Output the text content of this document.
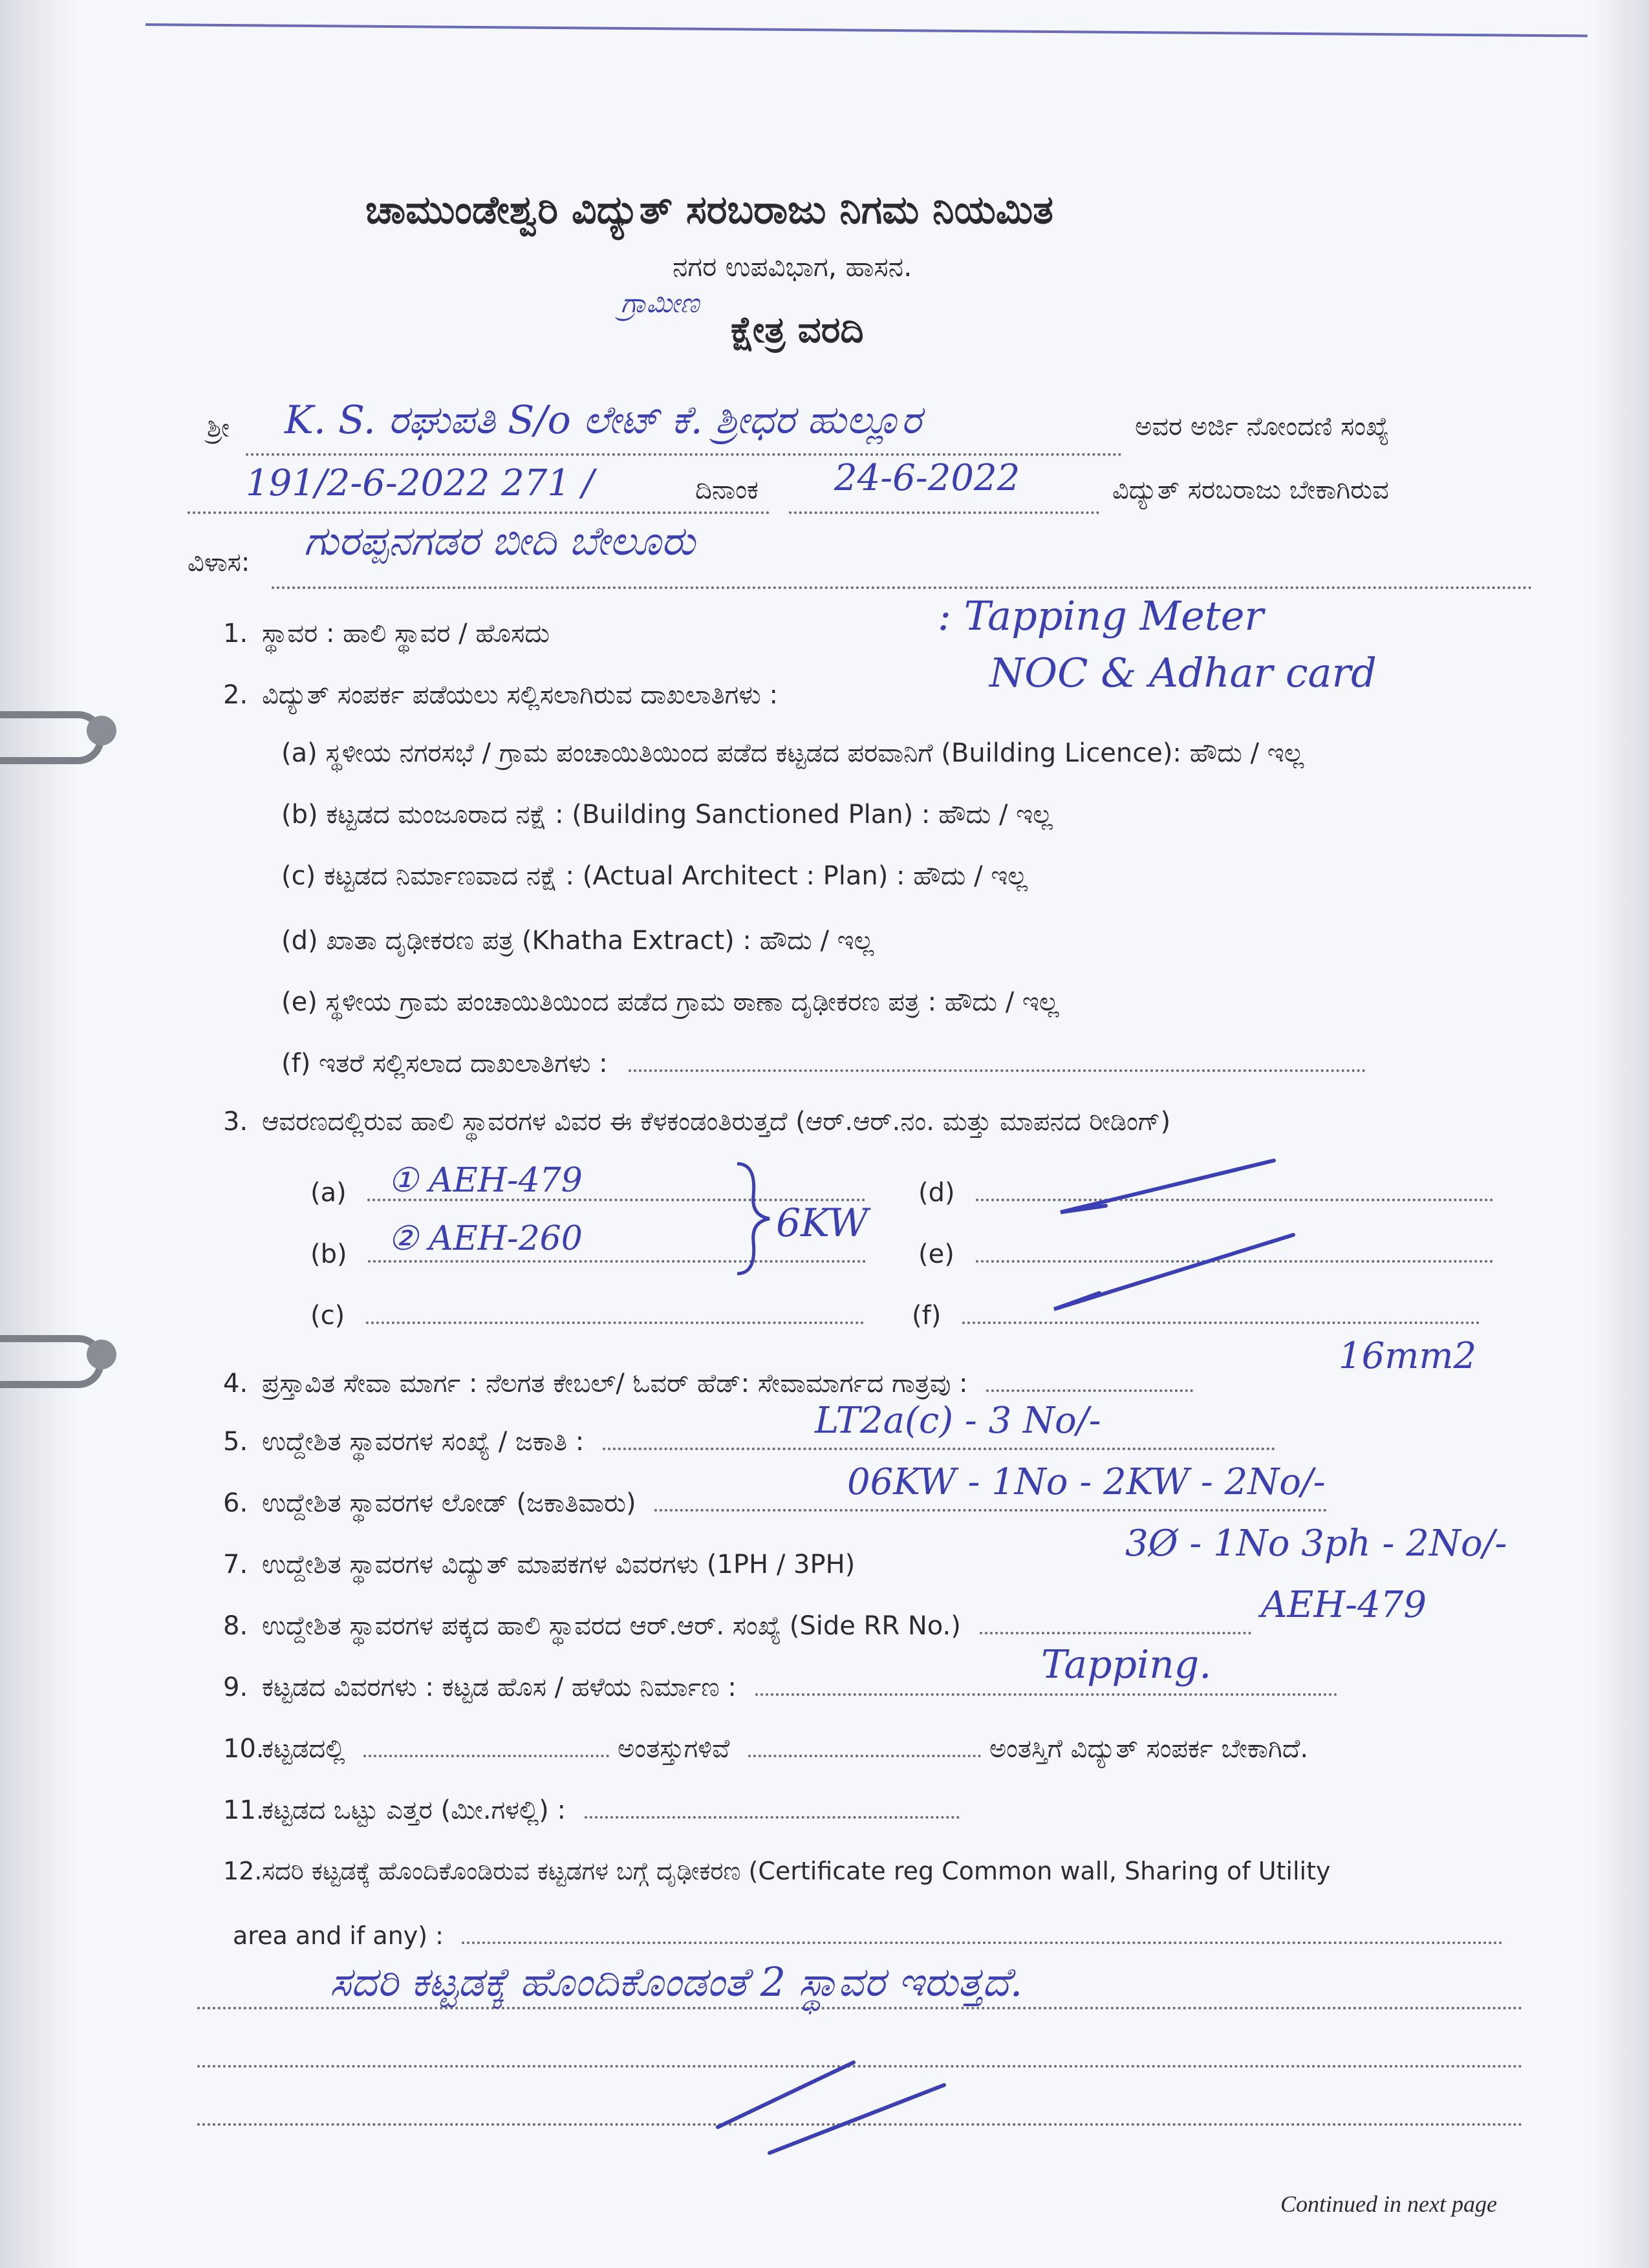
ಚಾಮುಂಡೇಶ್ವರಿ ವಿದ್ಯುತ್ ಸರಬರಾಜು ನಿಗಮ ನಿಯಮಿತ
ನಗರ ಉಪವಿಭಾಗ, ಹಾಸನ.
ಗ್ರಾಮೀಣ
ಕ್ಷೇತ್ರ ವರದಿ
ಶ್ರೀ K. S. ರಘುಪತಿ S/o ಲೇಟ್ ಕೆ. ಶ್ರೀಧರ ಹುಲ್ಲೂರ	ಅವರ ಅರ್ಜಿ ನೋಂದಣಿ ಸಂಖ್ಯೆ
191/2-6-2022 271 /	ದಿನಾಂಕ 24-6-2022	ವಿದ್ಯುತ್ ಸರಬರಾಜು ಬೇಕಾಗಿರುವ
ವಿಳಾಸ: ಗುರಪ್ಪನಗಡರ ಬೀದಿ ಬೇಲೂರು
1. ಸ್ಥಾವರ : ಹಾಲಿ ಸ್ಥಾವರ / ಹೊಸದು	: Tapping Meter
2. ವಿದ್ಯುತ್ ಸಂಪರ್ಕ ಪಡೆಯಲು ಸಲ್ಲಿಸಲಾಗಿರುವ ದಾಖಲಾತಿಗಳು :	NOC & Adhar card
(a) ಸ್ಥಳೀಯ ನಗರಸಭೆ / ಗ್ರಾಮ ಪಂಚಾಯಿತಿಯಿಂದ ಪಡೆದ ಕಟ್ಟಡದ ಪರವಾನಿಗೆ (Building Licence): ಹೌದು / ಇಲ್ಲ
(b) ಕಟ್ಟಡದ ಮಂಜೂರಾದ ನಕ್ಷೆ : (Building Sanctioned Plan) : ಹೌದು / ಇಲ್ಲ
(c) ಕಟ್ಟಡದ ನಿರ್ಮಾಣವಾದ ನಕ್ಷೆ : (Actual Architect : Plan) : ಹೌದು / ಇಲ್ಲ
(d) ಖಾತಾ ದೃಢೀಕರಣ ಪತ್ರ (Khatha Extract) : ಹೌದು / ಇಲ್ಲ
(e) ಸ್ಥಳೀಯ ಗ್ರಾಮ ಪಂಚಾಯಿತಿಯಿಂದ ಪಡೆದ ಗ್ರಾಮ ಠಾಣಾ ದೃಢೀಕರಣ ಪತ್ರ : ಹೌದು / ಇಲ್ಲ
(f) ಇತರೆ ಸಲ್ಲಿಸಲಾದ ದಾಖಲಾತಿಗಳು :
3. ಆವರಣದಲ್ಲಿರುವ ಹಾಲಿ ಸ್ಥಾವರಗಳ ವಿವರ ಈ ಕೆಳಕಂಡಂತಿರುತ್ತದೆ (ಆರ್.ಆರ್.ನಂ. ಮತ್ತು ಮಾಪನದ ರೀಡಿಂಗ್)
(a)	① AEH-479
(b)	② AEH-260
(c)
(d)
(e)
(f)
6KW
4. ಪ್ರಸ್ತಾವಿತ ಸೇವಾ ಮಾರ್ಗ : ನೆಲಗತ ಕೇಬಲ್/ ಓವರ್ ಹೆಡ್: ಸೇವಾಮಾರ್ಗದ ಗಾತ್ರವು :
16mm2
5. ಉದ್ದೇಶಿತ ಸ್ಥಾವರಗಳ ಸಂಖ್ಯೆ / ಜಕಾತಿ :	LT2a(c) - 3 No/-
6. ಉದ್ದೇಶಿತ ಸ್ಥಾವರಗಳ ಲೋಡ್ (ಜಕಾತಿವಾರು)	06KW - 1No - 2KW - 2No/-
7. ಉದ್ದೇಶಿತ ಸ್ಥಾವರಗಳ ವಿದ್ಯುತ್ ಮಾಪಕಗಳ ವಿವರಗಳು (1PH / 3PH)	3Ø - 1No 3ph - 2No/-
8. ಉದ್ದೇಶಿತ ಸ್ಥಾವರಗಳ ಪಕ್ಕದ ಹಾಲಿ ಸ್ಥಾವರದ ಆರ್.ಆರ್. ಸಂಖ್ಯೆ (Side RR No.)	AEH-479
9. ಕಟ್ಟಡದ ವಿವರಗಳು : ಕಟ್ಟಡ ಹೊಸ / ಹಳೆಯ ನಿರ್ಮಾಣ :	Tapping.
10.ಕಟ್ಟಡದಲ್ಲಿ	ಅಂತಸ್ತುಗಳಿವೆ	ಅಂತಸ್ತಿಗೆ ವಿದ್ಯುತ್ ಸಂಪರ್ಕ ಬೇಕಾಗಿದೆ.
11.ಕಟ್ಟಡದ ಒಟ್ಟು ಎತ್ತರ (ಮೀ.ಗಳಲ್ಲಿ) :
12.ಸದರಿ ಕಟ್ಟಡಕ್ಕೆ ಹೊಂದಿಕೊಂಡಿರುವ ಕಟ್ಟಡಗಳ ಬಗ್ಗೆ ದೃಢೀಕರಣ (Certificate reg Common wall, Sharing of Utility
area and if any) :
ಸದರಿ ಕಟ್ಟಡಕ್ಕೆ ಹೊಂದಿಕೊಂಡಂತೆ 2 ಸ್ಥಾವರ ಇರುತ್ತದೆ.
Continued in next page
